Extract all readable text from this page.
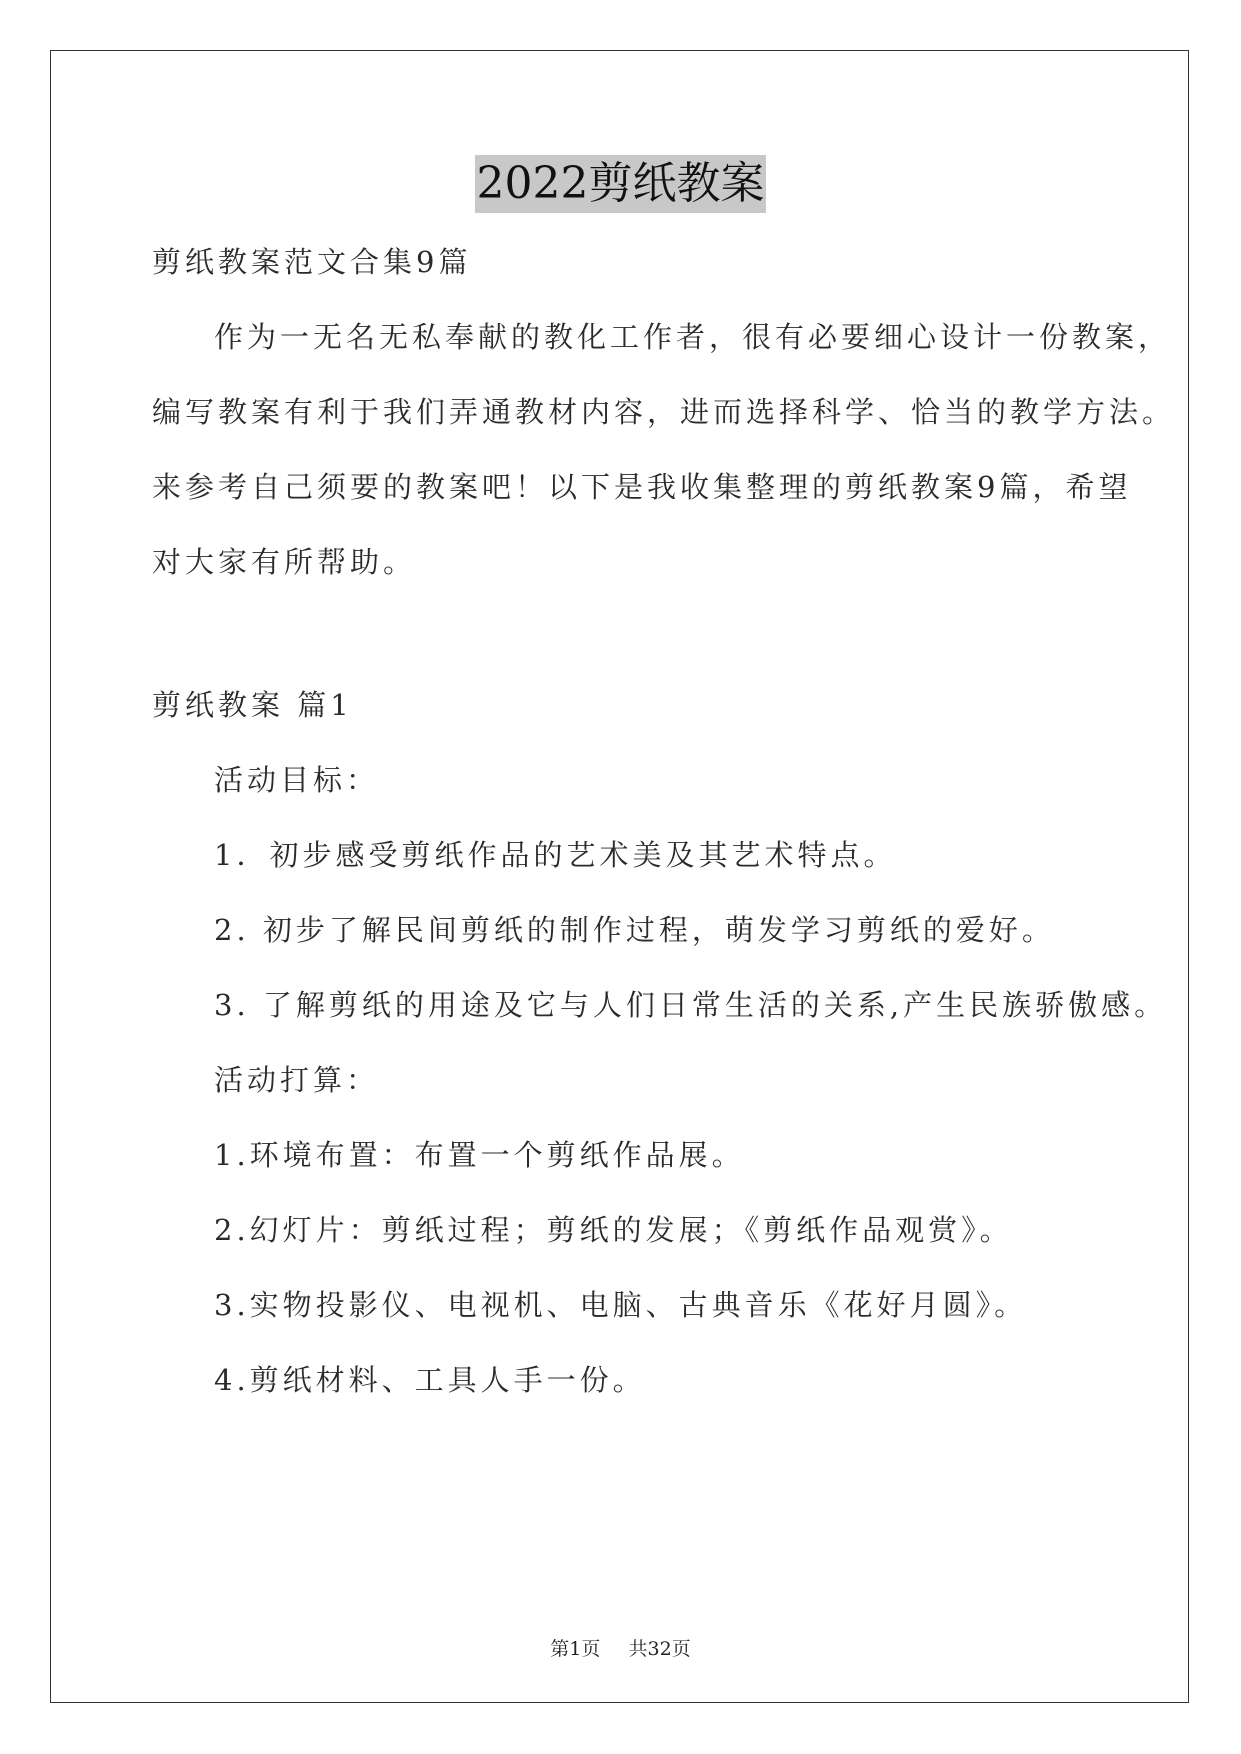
2022剪纸教案
剪纸教案范文合集9篇
作为一无名无私奉献的教化工作者，很有必要细心设计一份教案，
编写教案有利于我们弄通教材内容，进而选择科学、恰当的教学方法。
来参考自己须要的教案吧！以下是我收集整理的剪纸教案9篇，希望
对大家有所帮助。
剪纸教案 篇1
活动目标：
1．初步感受剪纸作品的艺术美及其艺术特点。
2. 初步了解民间剪纸的制作过程，萌发学习剪纸的爱好。
3. 了解剪纸的用途及它与人们日常生活的关系,产生民族骄傲感。
活动打算：
1.环境布置：布置一个剪纸作品展。
2.幻灯片：剪纸过程；剪纸的发展；《剪纸作品观赏》。
3.实物投影仪、电视机、电脑、古典音乐《花好月圆》。
4.剪纸材料、工具人手一份。
第1页 共32页
